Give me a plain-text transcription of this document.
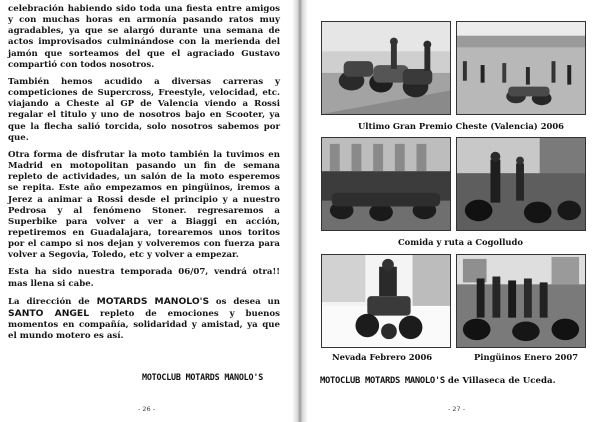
celebración habiendo sido toda una fiesta entre amigos y con muchas horas en armonía pasando ratos muy agradables, ya que se alargó durante una semana de actos improvisados culminándose con la merienda del jamón que sorteamos del que el agraciado Gustavo compartió con todos nosotros.

También hemos acudido a diversas carreras y competiciones de Supercross, Freestyle, velocidad, etc. viajando a Cheste al GP de Valencia viendo a Rossi regalar el titulo y uno de nosotros bajo en Scooter, ya que la flecha salió torcida, solo nosotros sabemos por que.

Otra forma de disfrutar la moto también la tuvimos en Madrid en motopolitan pasando un fin de semana repleto de actividades, un salón de la moto esperemos se repita. Este año empezamos en pingüinos, iremos a Jerez a animar a Rossi desde el principio y a nuestro Pedrosa y al fenómeno Stoner. regresaremos a Superbike para volver a ver a Biaggi en acción, repetiremos en Guadalajara, torearemos unos toritos por el campo si nos dejan y volveremos con fuerza para volver a Segovia, Toledo, etc y volver a empezar.

Esta ha sido nuestra temporada 06/07, vendrá otra!! mas llena si cabe.

La dirección de MOTARDS MANOLO'S os desea un SANTO ANGEL repleto de emociones y buenos momentos en compañía, solidaridad y amistad, ya que el mundo motero es así.

MOTOCLUB MOTARDS MANOLO'S
- 26 -
Ultimo Gran Premio Cheste (Valencia) 2006
Comida y ruta a Cogolludo
Nevada Febrero 2006	Pingüinos Enero 2007
MOTOCLUB MOTARDS MANOLO'S de Villaseca de Uceda.
- 27 -
